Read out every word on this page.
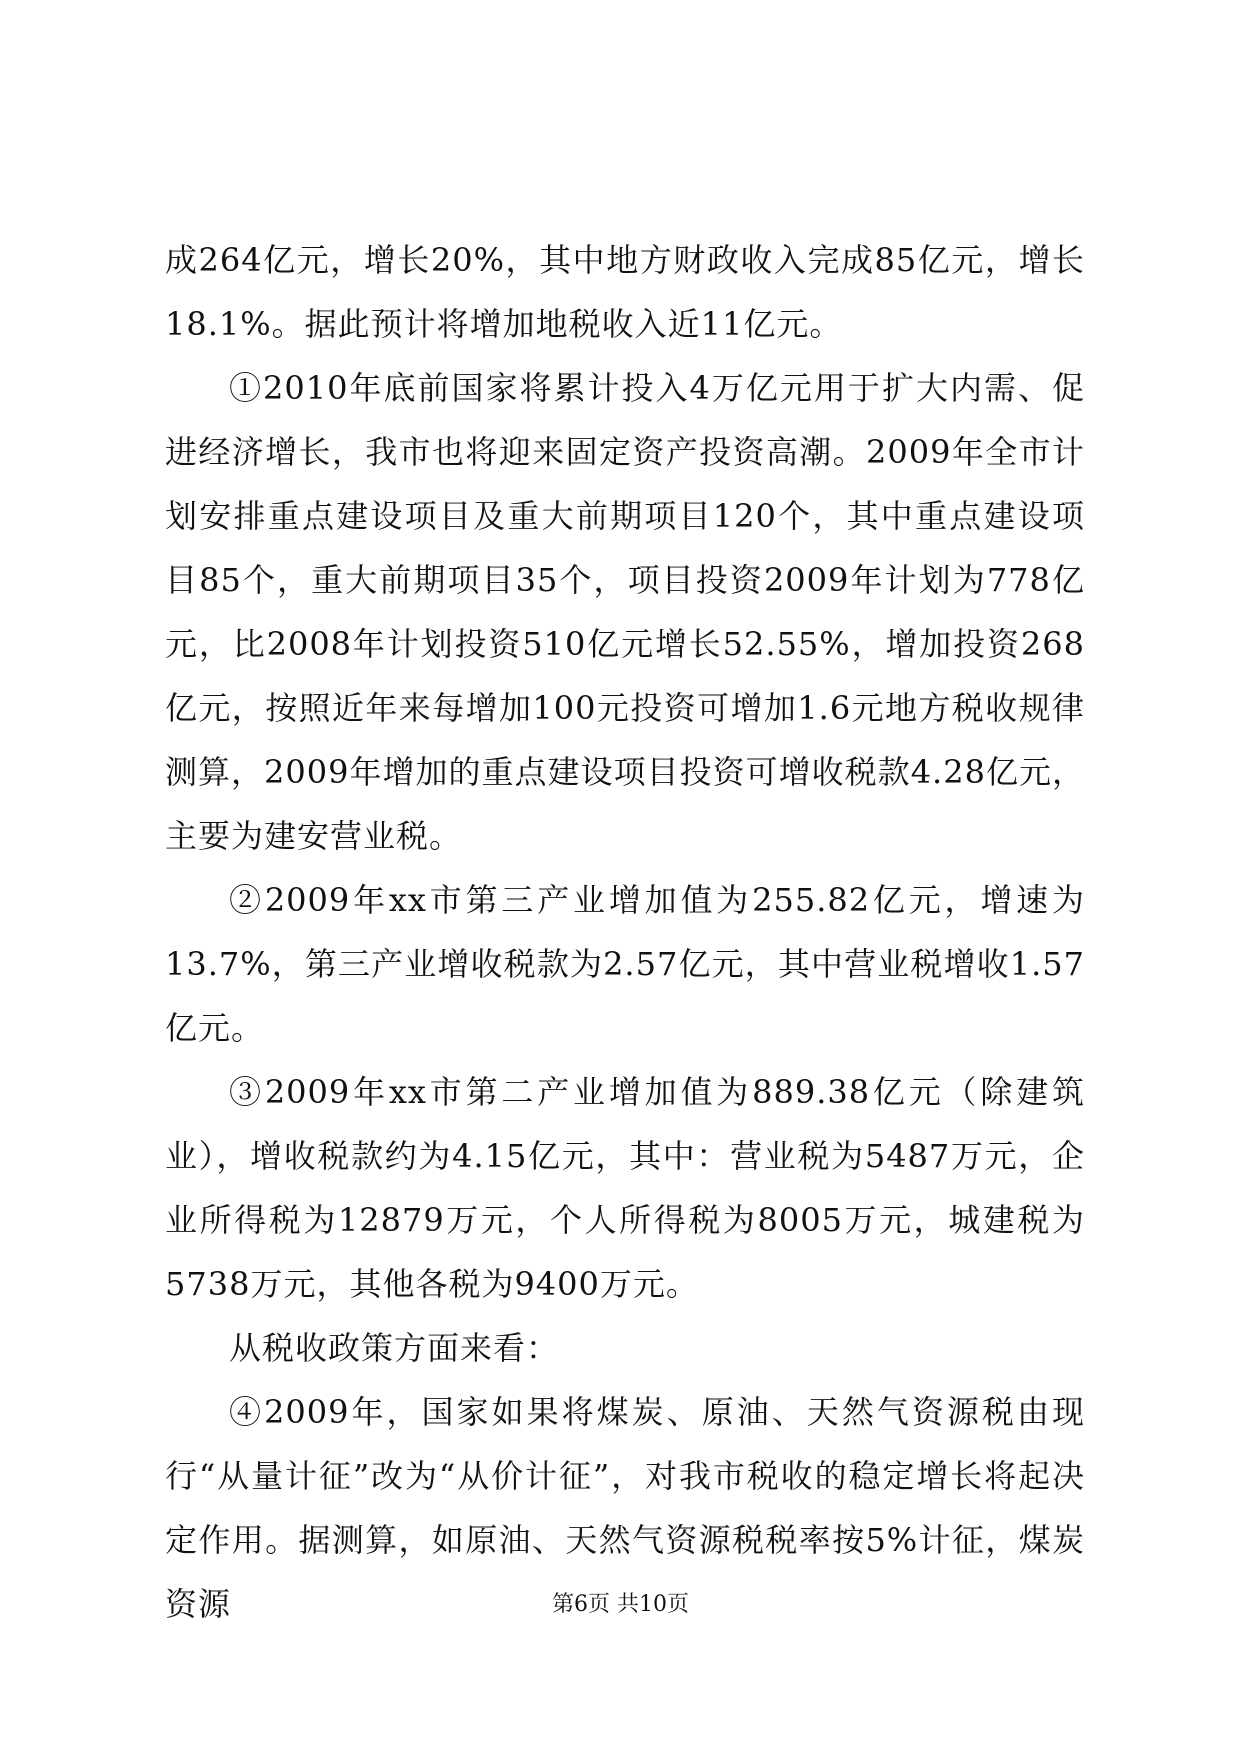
成264亿元，增长20%，其中地方财政收入完成85亿元，增长18.1%。据此预计将增加地税收入近11亿元。

①2010年底前国家将累计投入4万亿元用于扩大内需、促进经济增长，我市也将迎来固定资产投资高潮。2009年全市计划安排重点建设项目及重大前期项目120个，其中重点建设项目85个，重大前期项目35个，项目投资2009年计划为778亿元，比2008年计划投资510亿元增长52.55%，增加投资268亿元，按照近年来每增加100元投资可增加1.6元地方税收规律测算，2009年增加的重点建设项目投资可增收税款4.28亿元，主要为建安营业税。

②2009年xx市第三产业增加值为255.82亿元，增速为13.7%，第三产业增收税款为2.57亿元，其中营业税增收1.57亿元。

③2009年xx市第二产业增加值为889.38亿元（除建筑业），增收税款约为4.15亿元，其中：营业税为5487万元，企业所得税为12879万元，个人所得税为8005万元，城建税为5738万元，其他各税为9400万元。

从税收政策方面来看：

④2009年，国家如果将煤炭、原油、天然气资源税由现行“从量计征”改为“从价计征”，对我市税收的稳定增长将起决定作用。据测算，如原油、天然气资源税税率按5%计征，煤炭资源	第6页 共10页
